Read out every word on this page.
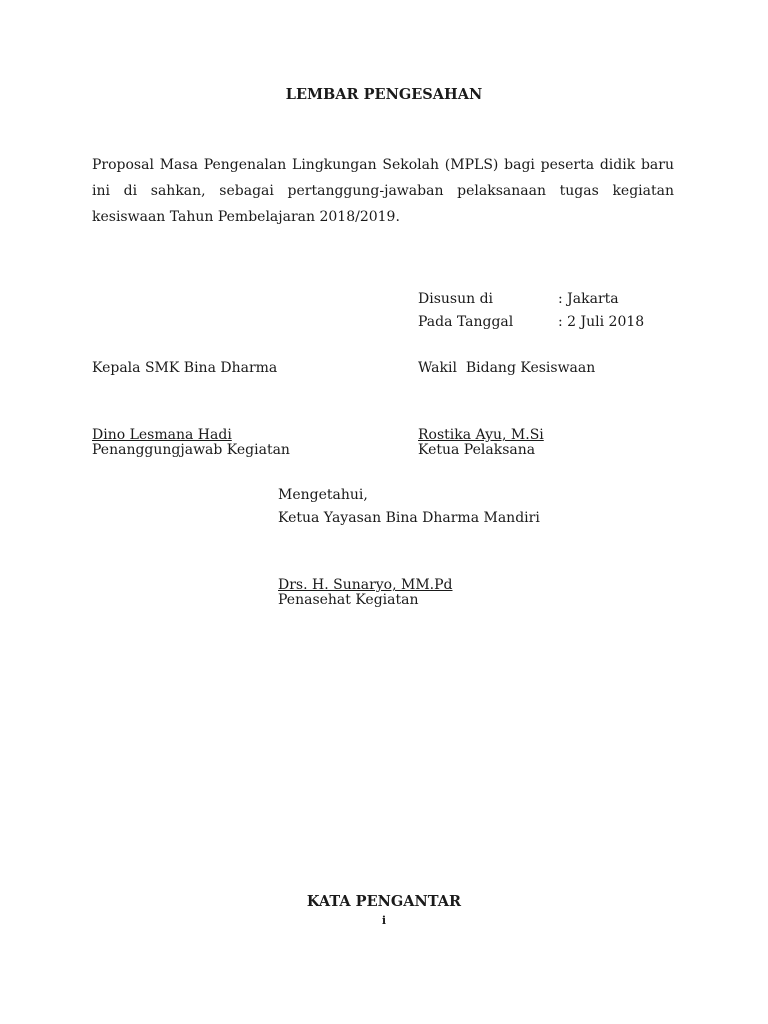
LEMBAR PENGESAHAN
Proposal Masa Pengenalan Lingkungan Sekolah (MPLS) bagi peserta didik baru ini di sahkan, sebagai pertanggung-jawaban pelaksanaan tugas kegiatan kesiswaan Tahun Pembelajaran 2018/2019.
Disusun di	: Jakarta
Pada Tanggal	: 2 Juli 2018
Kepala SMK Bina Dharma
Dino Lesmana Hadi
Penanggungjawab Kegiatan
Wakil  Bidang Kesiswaan
Rostika Ayu, M.Si
Ketua Pelaksana
Mengetahui,
Ketua Yayasan Bina Dharma Mandiri
Drs. H. Sunaryo, MM.Pd
Penasehat Kegiatan
KATA PENGANTAR
i
